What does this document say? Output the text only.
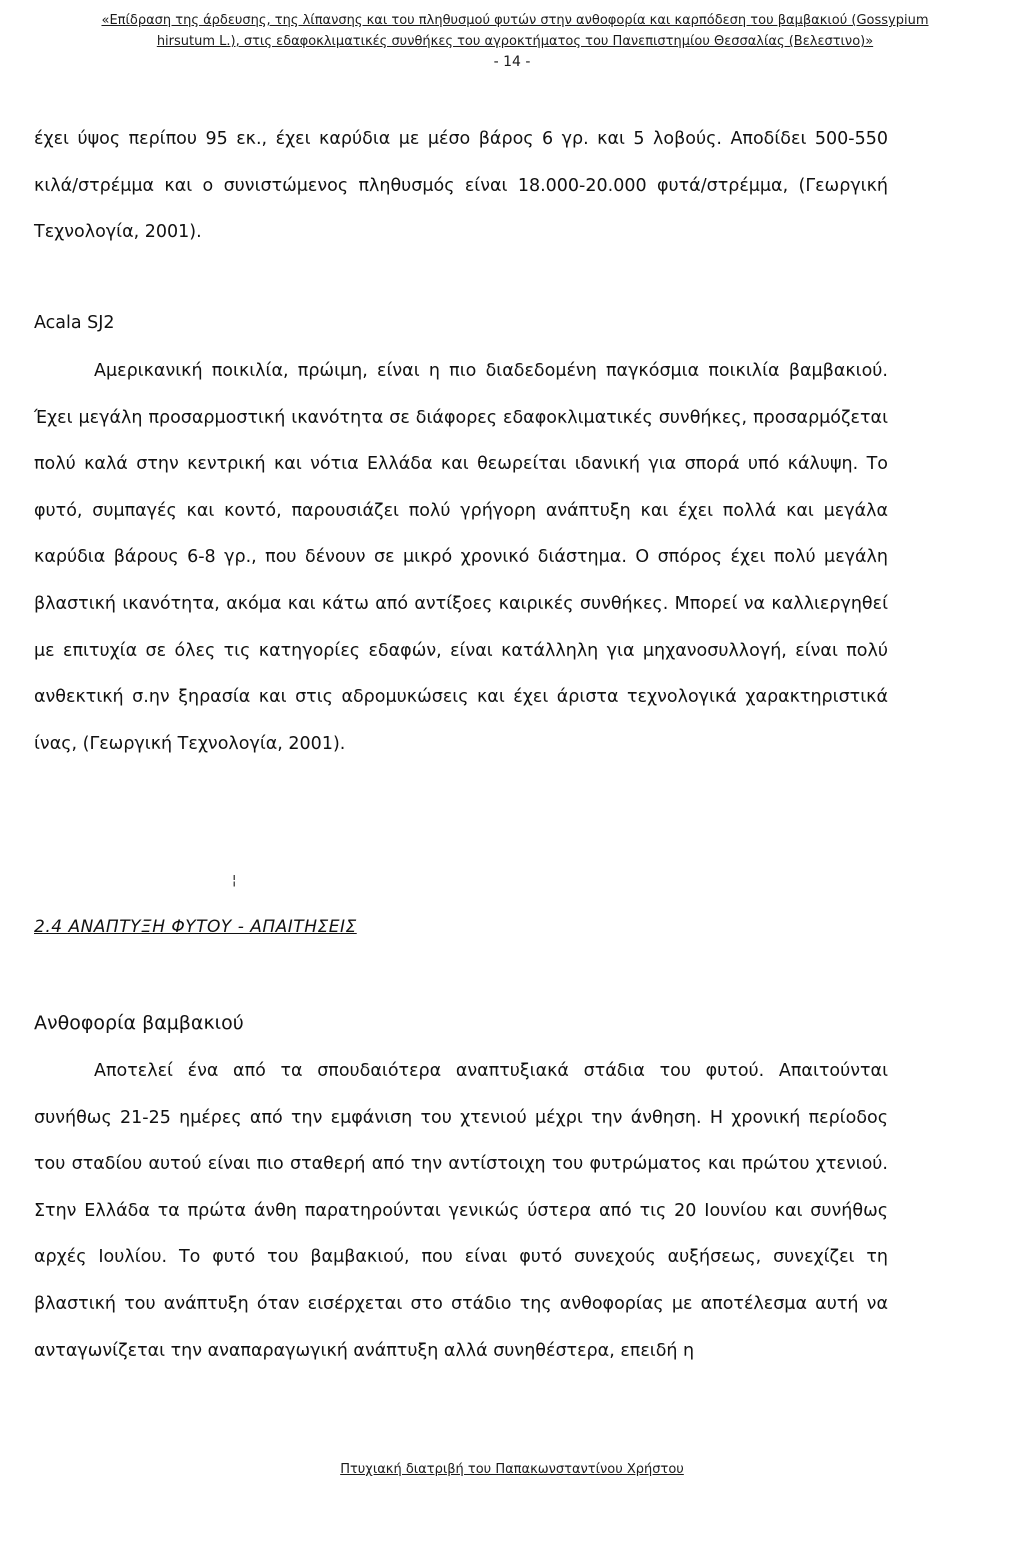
«Επίδραση της άρδευσης, της λίπανσης και του πληθυσμού φυτών στην ανθοφορία και καρπόδεση του βαμβακιού (Gossypium
hirsutum L.), στις εδαφοκλιματικές συνθήκες του αγροκτήματος του Πανεπιστημίου Θεσσαλίας (Βελεστινο)»
- 14 -

έχει ύψος περίπου 95 εκ., έχει καρύδια με μέσο βάρος 6 γρ. και 5 λοβούς. Αποδίδει 500-550 κιλά/στρέμμα και ο συνιστώμενος πληθυσμός είναι 18.000-20.000 φυτά/στρέμμα, (Γεωργική Τεχνολογία, 2001).

Acala SJ2

Αμερικανική ποικιλία, πρώιμη, είναι η πιο διαδεδομένη παγκόσμια ποικιλία βαμβακιού. Έχει μεγάλη προσαρμοστική ικανότητα σε διάφορες εδαφοκλιματικές συνθήκες, προσαρμόζεται πολύ καλά στην κεντρική και νότια Ελλάδα και θεωρείται ιδανική για σπορά υπό κάλυψη. Το φυτό, συμπαγές και κοντό, παρουσιάζει πολύ γρήγορη ανάπτυξη και έχει πολλά και μεγάλα καρύδια βάρους 6-8 γρ., που δένουν σε μικρό χρονικό διάστημα. Ο σπόρος έχει πολύ μεγάλη βλαστική ικανότητα, ακόμα και κάτω από αντίξοες καιρικές συνθήκες. Μπορεί να καλλιεργηθεί με επιτυχία σε όλες τις κατηγορίες εδαφών, είναι κατάλληλη για μηχανοσυλλογή, είναι πολύ ανθεκτική σ.ην ξηρασία και στις αδρομυκώσεις και έχει άριστα τεχνολογικά χαρακτηριστικά ίνας, (Γεωργική Τεχνολογία, 2001).

¦
2.4 ΑΝΑΠΤΥΞΗ ΦΥΤΟΥ - ΑΠΑΙΤΗΣΕΙΣ
Ανθοφορία βαμβακιού

Αποτελεί ένα από τα σπουδαιότερα αναπτυξιακά στάδια του φυτού. Απαιτούνται συνήθως 21-25 ημέρες από την εμφάνιση του χτενιού μέχρι την άνθηση. Η χρονική περίοδος του σταδίου αυτού είναι πιο σταθερή από την αντίστοιχη του φυτρώματος και πρώτου χτενιού. Στην Ελλάδα τα πρώτα άνθη παρατηρούνται γενικώς ύστερα από τις 20 Ιουνίου και συνήθως αρχές Ιουλίου. Το φυτό του βαμβακιού, που είναι φυτό συνεχούς αυξήσεως, συνεχίζει τη βλαστική του ανάπτυξη όταν εισέρχεται στο στάδιο της ανθοφορίας με αποτέλεσμα αυτή να ανταγωνίζεται την αναπαραγωγική ανάπτυξη αλλά συνηθέστερα, επειδή η

Πτυχιακή διατριβή του Παπακωνσταντίνου Χρήστου
